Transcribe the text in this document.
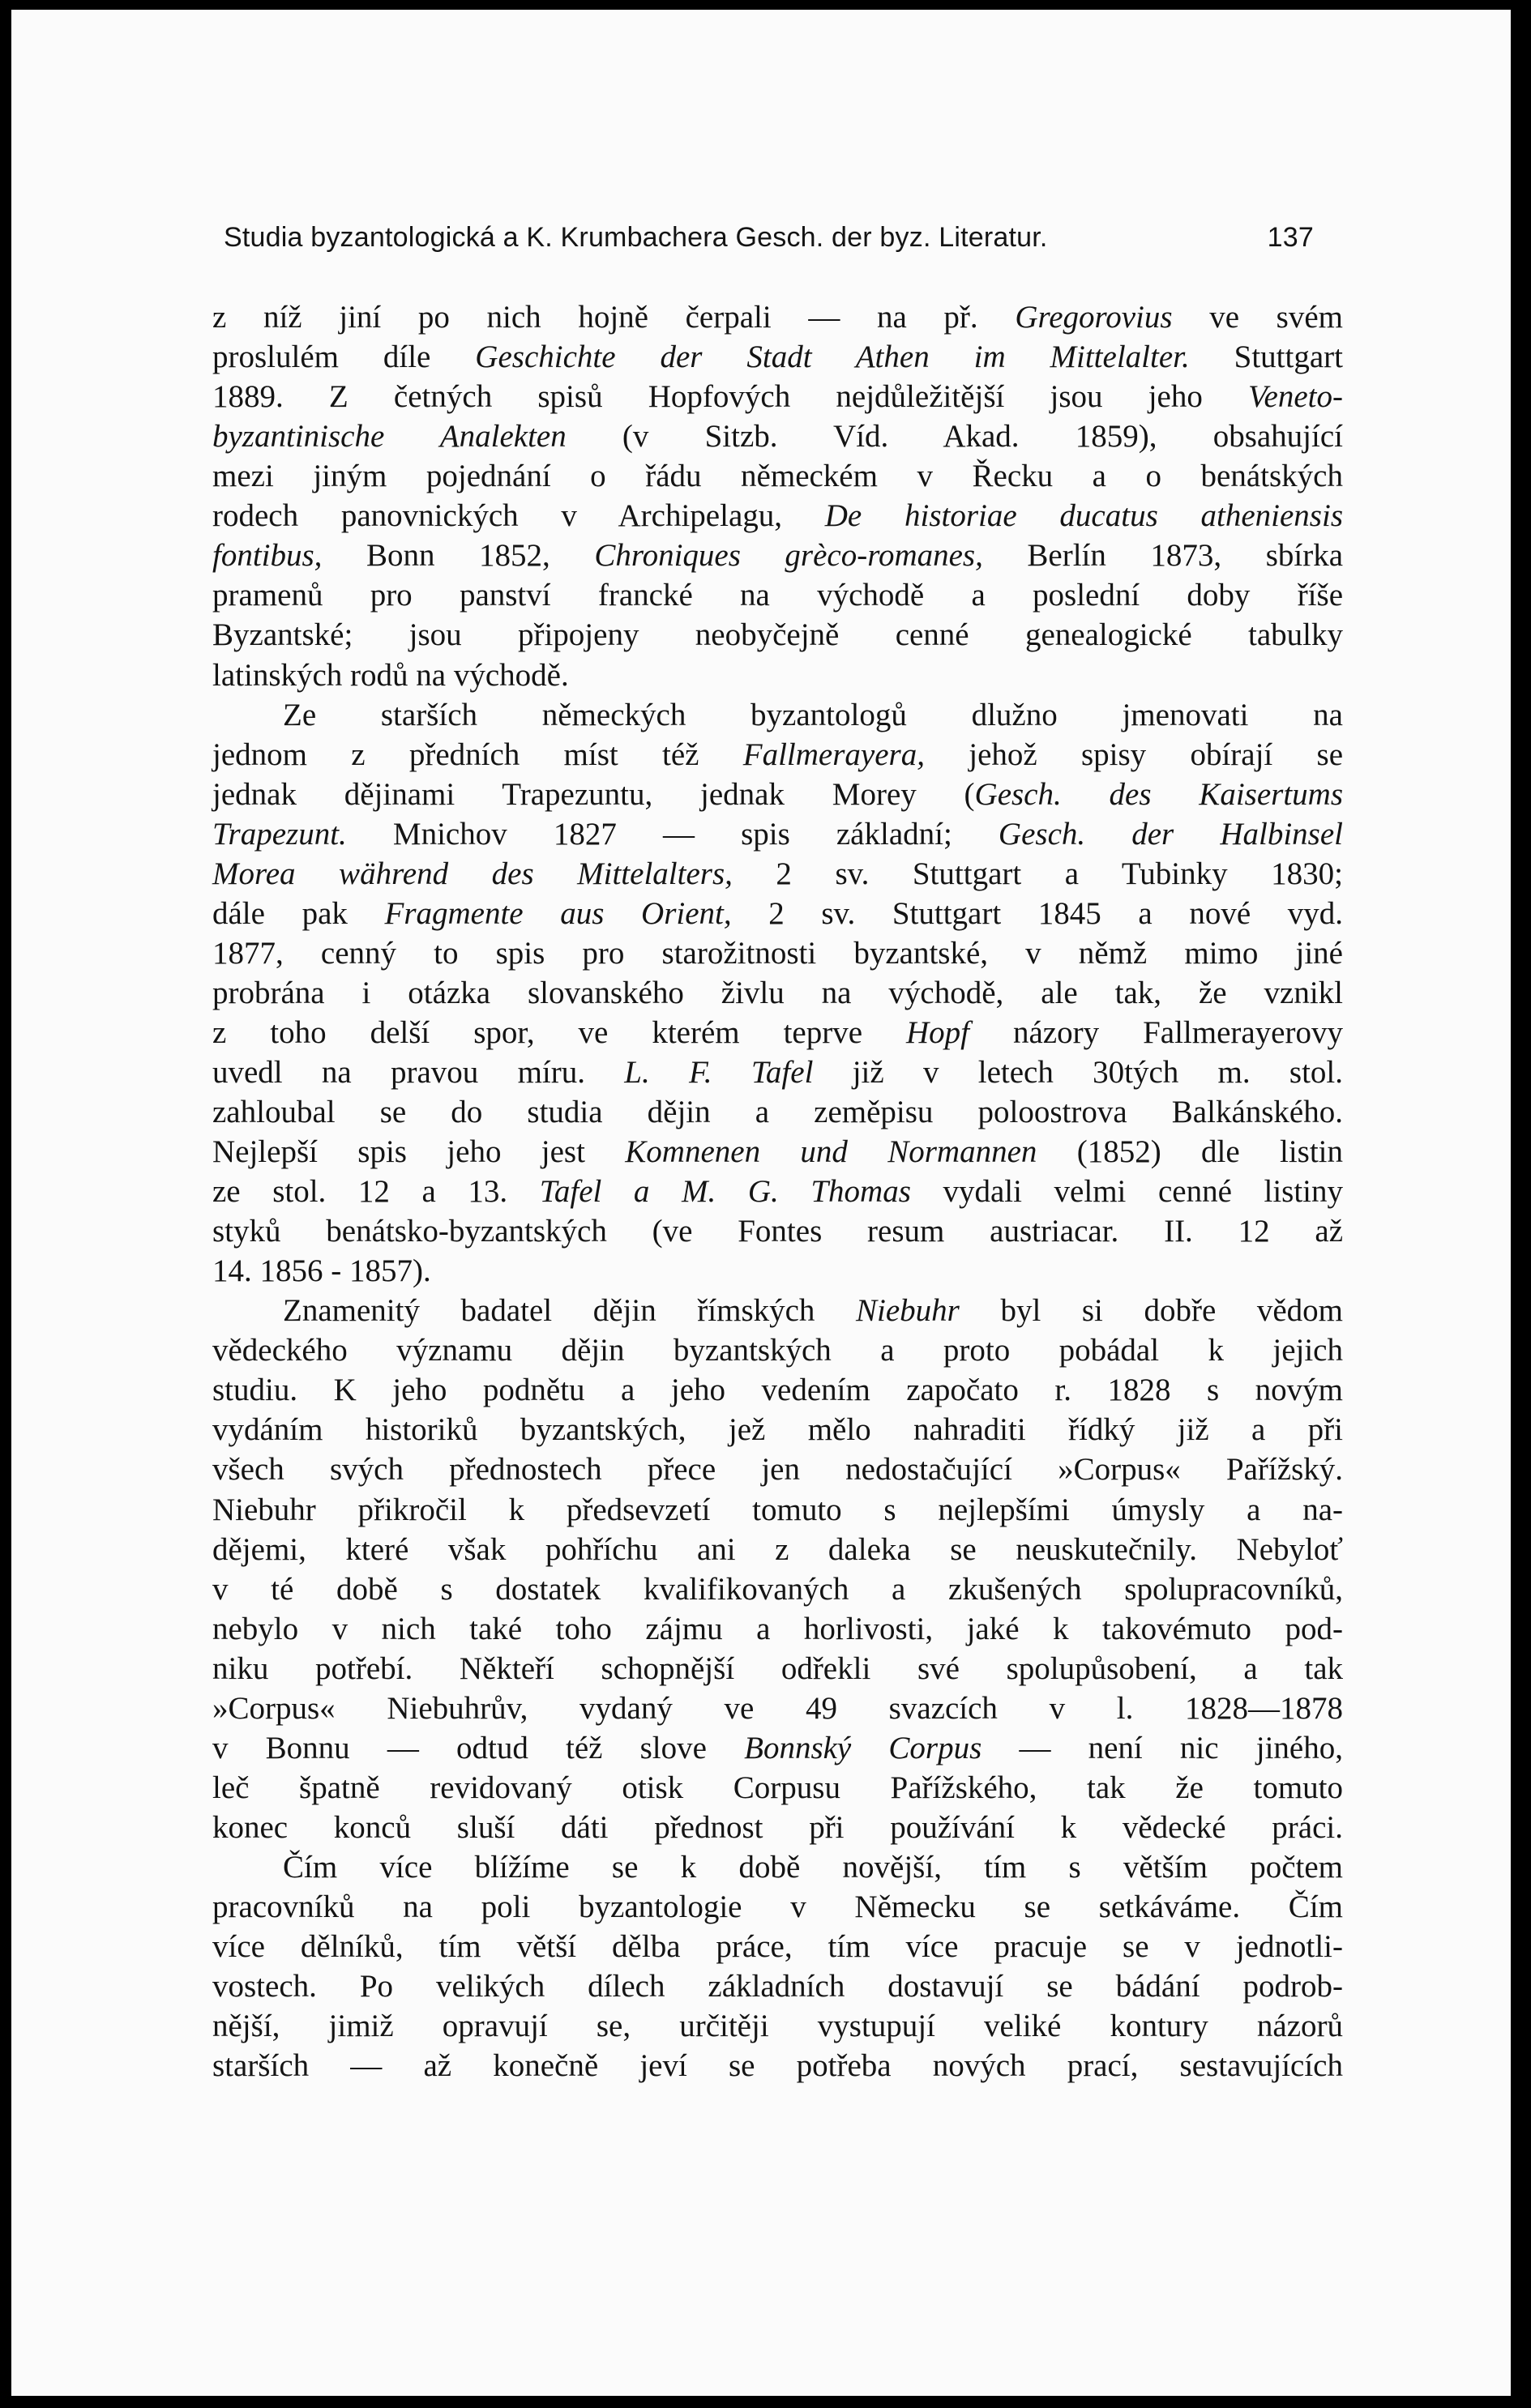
Studia byzantologická a K. Krumbachera Gesch. der byz. Literatur.	137
z níž jiní po nich hojně čerpali — na př. Gregorovius ve svém
proslulém díle Geschichte der Stadt Athen im Mittelalter. Stuttgart
1889. Z četných spisů Hopfových nejdůležitější jsou jeho Veneto-
byzantinische Analekten (v Sitzb. Víd. Akad. 1859), obsahující
mezi jiným pojednání o řádu německém v Řecku a o benátských
rodech panovnických v Archipelagu, De historiae ducatus atheniensis
fontibus, Bonn 1852, Chroniques grèco-romanes, Berlín 1873, sbírka
pramenů pro panství francké na východě a poslední doby říše
Byzantské; jsou připojeny neobyčejně cenné genealogické tabulky
latinských rodů na východě.
Ze starších německých byzantologů dlužno jmenovati na
jednom z předních míst též Fallmerayera, jehož spisy obírají se
jednak dějinami Trapezuntu, jednak Morey (Gesch. des Kaisertums
Trapezunt. Mnichov 1827 — spis základní; Gesch. der Halbinsel
Morea während des Mittelalters, 2 sv. Stuttgart a Tubinky 1830;
dále pak Fragmente aus Orient, 2 sv. Stuttgart 1845 a nové vyd.
1877, cenný to spis pro starožitnosti byzantské, v němž mimo jiné
probrána i otázka slovanského živlu na východě, ale tak, že vznikl
z toho delší spor, ve kterém teprve Hopf názory Fallmerayerovy
uvedl na pravou míru. L. F. Tafel již v letech 30tých m. stol.
zahloubal se do studia dějin a zeměpisu poloostrova Balkánského.
Nejlepší spis jeho jest Komnenen und Normannen (1852) dle listin
ze stol. 12 a 13. Tafel a M. G. Thomas vydali velmi cenné listiny
styků benátsko-byzantských (ve Fontes resum austriacar. II. 12 až
14. 1856 - 1857).
Znamenitý badatel dějin římských Niebuhr byl si dobře vědom
vědeckého významu dějin byzantských a proto pobádal k jejich
studiu. K jeho podnětu a jeho vedením započato r. 1828 s novým
vydáním historiků byzantských, jež mělo nahraditi řídký již a při
všech svých přednostech přece jen nedostačující »Corpus« Pařížský.
Niebuhr přikročil k předsevzetí tomuto s nejlepšími úmysly a na-
dějemi, které však pohříchu ani z daleka se neuskutečnily. Nebyloť
v té době s dostatek kvalifikovaných a zkušených spolupracovníků,
nebylo v nich také toho zájmu a horlivosti, jaké k takovémuto pod-
niku potřebí. Někteří schopnější odřekli své spolupůsobení, a tak
»Corpus« Niebuhrův, vydaný ve 49 svazcích v l. 1828—1878
v Bonnu — odtud též slove Bonnský Corpus — není nic jiného,
leč špatně revidovaný otisk Corpusu Pařížského, tak že tomuto
konec konců sluší dáti přednost při používání k vědecké práci.
Čím více blížíme se k době novější, tím s větším počtem
pracovníků na poli byzantologie v Německu se setkáváme. Čím
více dělníků, tím větší dělba práce, tím více pracuje se v jednotli-
vostech. Po velikých dílech základních dostavují se bádání podrob-
nější, jimiž opravují se, určitěji vystupují veliké kontury názorů
starších — až konečně jeví se potřeba nových prací, sestavujících
